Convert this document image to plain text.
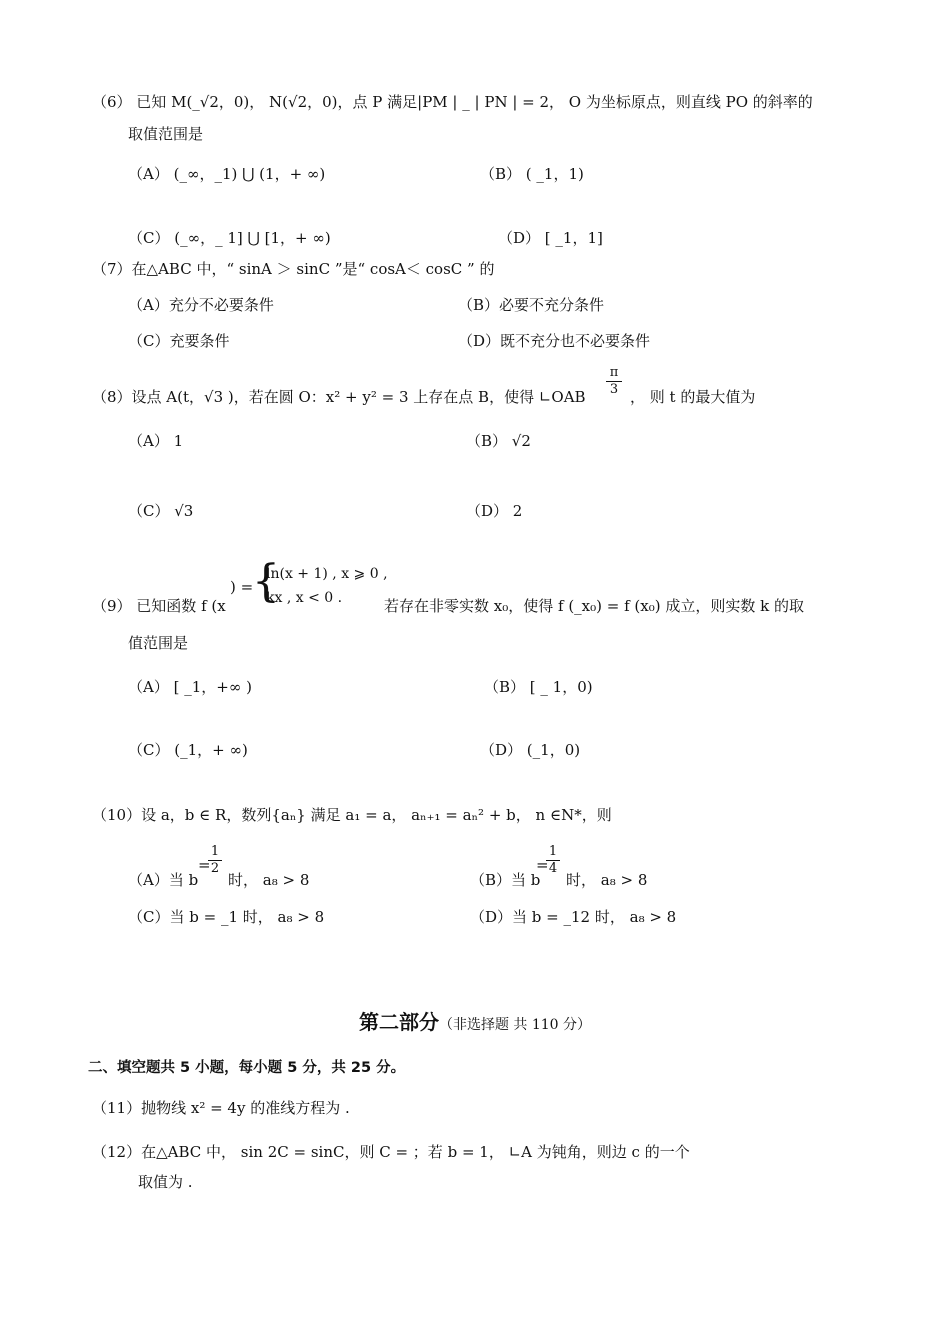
（6） 已知 M(_√2，0)， N(√2，0)，点 P 满足|PM | _ | PN | = 2， O 为坐标原点，则直线 PO 的斜率的
取值范围是
（A） (_∞，_1) ⋃ (1，+ ∞)	（B） ( _1，1)
（C） (_∞，_ 1] ⋃ [1，+ ∞)	（D） [ _1，1]
（7）在△ABC 中，“ sinA ＞ sinC ”是“ cosA＜ cosC ” 的
（A）充分不必要条件	（B）必要不充分条件
（C）充要条件	（D）既不充分也不必要条件
（8）设点 A(t，√3 )，若在圆 O：x² + y² = 3 上存在点 B，使得 ∟OAB
π
3 ， 则 t 的最大值为
（A） 1	（B） √2
（C） √3	（D） 2
（9） 已知函数 f (x
) =
{
ln(x + 1) , x ⩾ 0 ,
kx , x < 0 .	若存在非零实数 x₀，使得 f (_x₀) = f (x₀) 成立，则实数 k 的取
值范围是
（A） [ _1，+∞ )	（B） [ _ 1，0)
（C） (_1，+ ∞)	（D） (_1，0)
（10）设 a，b ∈ R，数列{aₙ} 满足 a₁ = a， aₙ₊₁ = aₙ² + b， n ∈N*，则
（A）当 b
=
1
2
时， a₈ > 8	（B）当 b
=
1
4
时， a₈ > 8
（C）当 b = _1 时， a₈ > 8	（D）当 b = _12 时， a₈ > 8
第二部分（非选择题 共 110 分）
二、填空题共 5 小题，每小题 5 分，共 25 分。
（11）抛物线 x² = 4y 的准线方程为 .
（12）在△ABC 中， sin 2C = sinC，则 C = ；若 b = 1， ∟A 为钝角，则边 c 的一个
取值为 .
